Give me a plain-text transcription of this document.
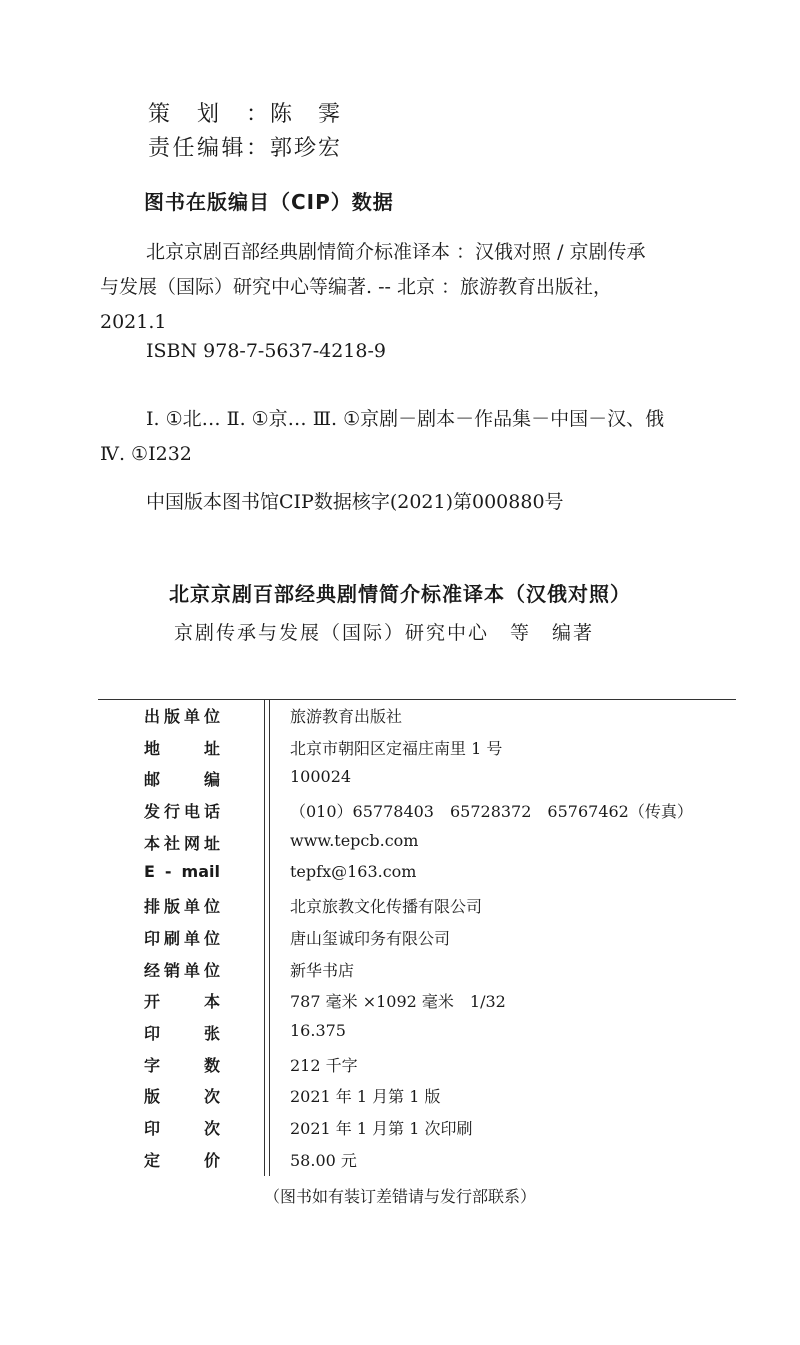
策划：陈　霁
责任编辑：郭珍宏
图书在版编目（CIP）数据
北京京剧百部经典剧情简介标准译本 ：汉俄对照 / 京剧传承与发展（国际）研究中心等编著. -- 北京 ：旅游教育出版社，2021.1
ISBN 978-7-5637-4218-9
Ⅰ. ①北… Ⅱ. ①京… Ⅲ. ①京剧－剧本－作品集－中国－汉、俄 Ⅳ. ①I232
中国版本图书馆CIP数据核字(2021)第000880号
北京京剧百部经典剧情简介标准译本（汉俄对照）
京剧传承与发展（国际）研究中心　等　编著
出版单位	旅游教育出版社
地址	北京市朝阳区定福庄南里 1 号
邮编	100024
发行电话	（010）65778403　65728372　65767462（传真）
本社网址	www.tepcb.com
E - mail	tepfx@163.com
排版单位	北京旅教文化传播有限公司
印刷单位	唐山玺诚印务有限公司
经销单位	新华书店
开本	787 毫米 ×1092 毫米　1/32
印张	16.375
字数	212 千字
版次	2021 年 1 月第 1 版
印次	2021 年 1 月第 1 次印刷
定价	58.00 元
（图书如有装订差错请与发行部联系）
